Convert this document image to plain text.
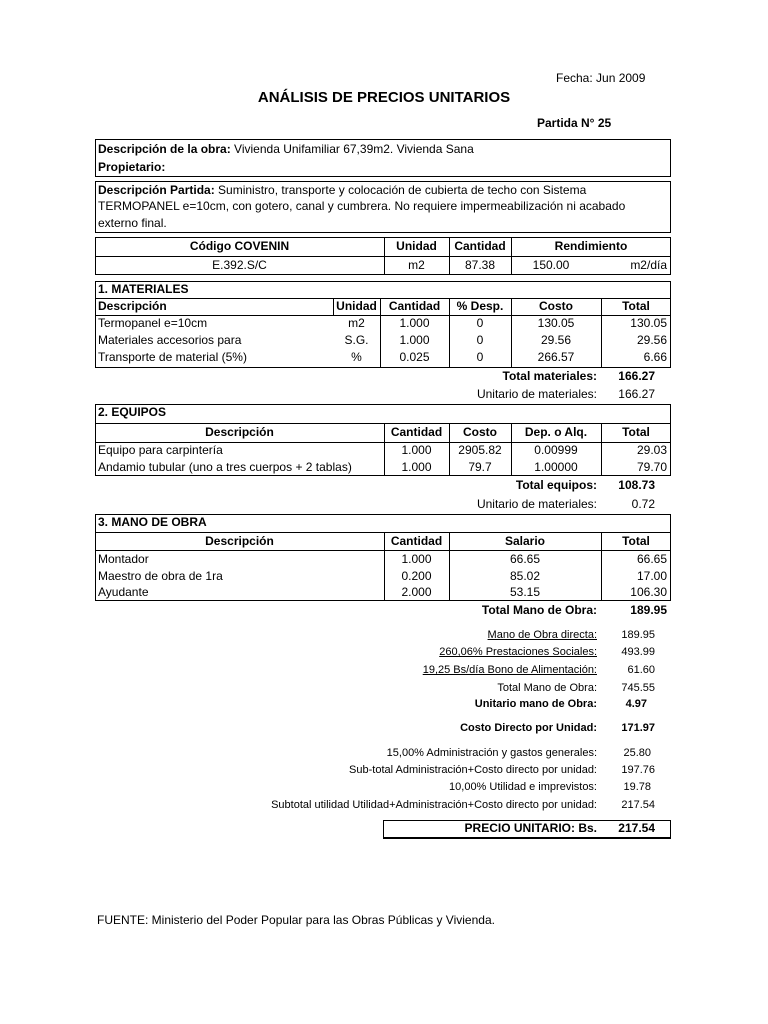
Fecha: Jun 2009
ANÁLISIS DE PRECIOS UNITARIOS
Partida N° 25
Descripción de la obra: Vivienda Unifamiliar 67,39m2. Vivienda Sana
Propietario:
Descripción Partida: Suministro, transporte y colocación de cubierta de techo con Sistema
TERMOPANEL e=10cm, con gotero, canal y cumbrera. No requiere impermeabilización ni acabado
externo final.
Código COVENIN	Unidad	Cantidad	Rendimiento
E.392.S/C	m2	87.38	150.00	m2/día
1. MATERIALES
Descripción	Unidad	Cantidad	% Desp.	Costo	Total
Termopanel e=10cm	m2	1.000	0	130.05	130.05
Materiales accesorios para	S.G.	1.000	0	29.56	29.56
Transporte de material (5%)	%	0.025	0	266.57	6.66
Total materiales:	166.27
Unitario de materiales:	166.27
2. EQUIPOS
Descripción	Cantidad	Costo	Dep. o Alq.	Total
Equipo para carpintería	1.000	2905.82	0.00999	29.03
Andamio tubular (uno a tres cuerpos + 2 tablas)	1.000	79.7	1.00000	79.70
Total equipos:	108.73
Unitario de materiales:	0.72
3. MANO DE OBRA
Descripción	Cantidad	Salario	Total
Montador	1.000	66.65	66.65
Maestro de obra de 1ra	0.200	85.02	17.00
Ayudante	2.000	53.15	106.30
Total Mano de Obra:	189.95
Mano de Obra directa:	189.95
260,06% Prestaciones Sociales:	493.99
19,25 Bs/día Bono de Alimentación:	61.60
Total Mano de Obra:	745.55
Unitario mano de Obra:	4.97
Costo Directo por Unidad:	171.97
15,00% Administración y gastos generales:	25.80
Sub-total Administración+Costo directo por unidad:	197.76
10,00% Utilidad e imprevistos:	19.78
Subtotal utilidad Utilidad+Administración+Costo directo por unidad:	217.54
PRECIO UNITARIO: Bs.	217.54
FUENTE: Ministerio del Poder Popular para las Obras Públicas y Vivienda.
